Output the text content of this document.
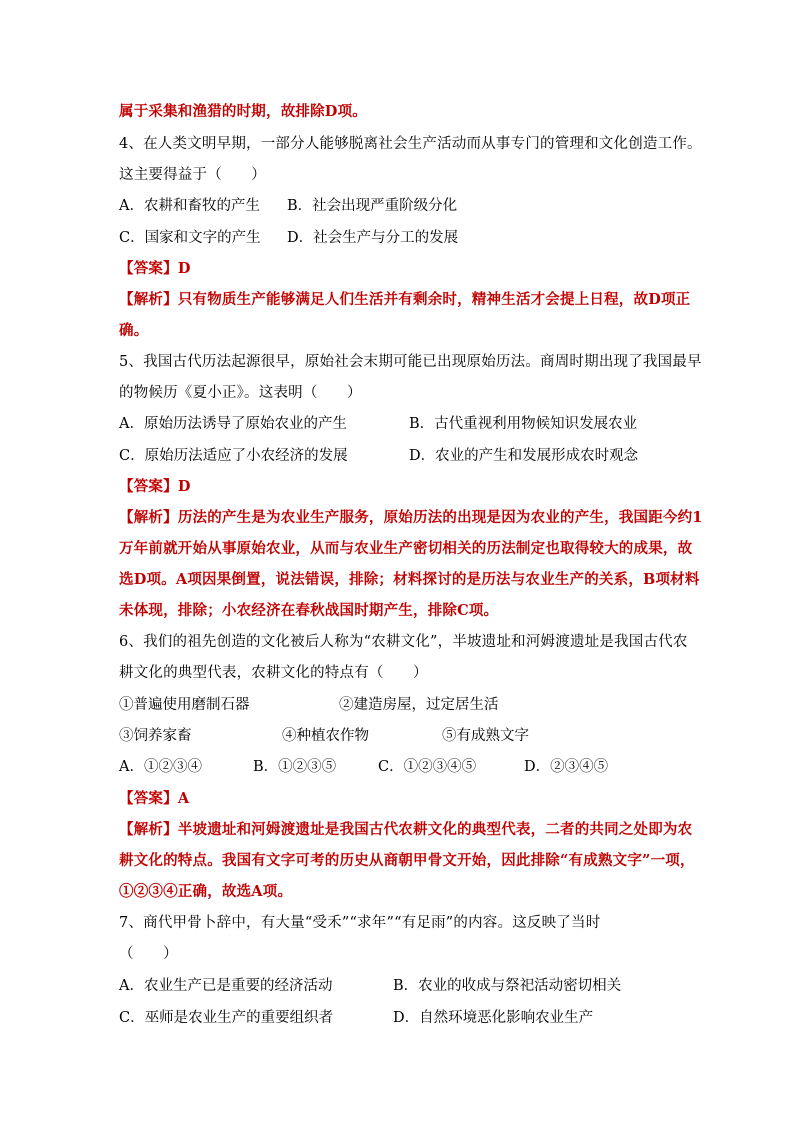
属于采集和渔猎的时期，故排除D项。
4、在人类文明早期，一部分人能够脱离社会生产活动而从事专门的管理和文化创造工作。
这主要得益于（　　）
A．农耕和畜牧的产生 B．社会出现严重阶级分化
C．国家和文字的产生 D．社会生产与分工的发展
【答案】D
【解析】只有物质生产能够满足人们生活并有剩余时，精神生活才会提上日程，故D项正
确。
5、我国古代历法起源很早，原始社会末期可能已出现原始历法。商周时期出现了我国最早
的物候历《夏小正》。这表明（　　）
A．原始历法诱导了原始农业的产生	B．古代重视利用物候知识发展农业
C．原始历法适应了小农经济的发展	D．农业的产生和发展形成农时观念
【答案】D
【解析】历法的产生是为农业生产服务，原始历法的出现是因为农业的产生，我国距今约1
万年前就开始从事原始农业，从而与农业生产密切相关的历法制定也取得较大的成果，故
选D项。A项因果倒置，说法错误，排除；材料探讨的是历法与农业生产的关系，B项材料
未体现，排除；小农经济在春秋战国时期产生，排除C项。
6、我们的祖先创造的文化被后人称为“农耕文化”，半坡遗址和河姆渡遗址是我国古代农
耕文化的典型代表，农耕文化的特点有（　　）
①普遍使用磨制石器	②建造房屋，过定居生活
③饲养家畜	④种植农作物	⑤有成熟文字
A．①②③④	B．①②③⑤	C．①②③④⑤	D．②③④⑤
【答案】A
【解析】半坡遗址和河姆渡遗址是我国古代农耕文化的典型代表，二者的共同之处即为农
耕文化的特点。我国有文字可考的历史从商朝甲骨文开始，因此排除“有成熟文字”一项，
①②③④正确，故选A项。
7、商代甲骨卜辞中，有大量“受禾”“求年”“有足雨”的内容。这反映了当时
（　　）
A．农业生产已是重要的经济活动	B．农业的收成与祭祀活动密切相关
C．巫师是农业生产的重要组织者	D．自然环境恶化影响农业生产
